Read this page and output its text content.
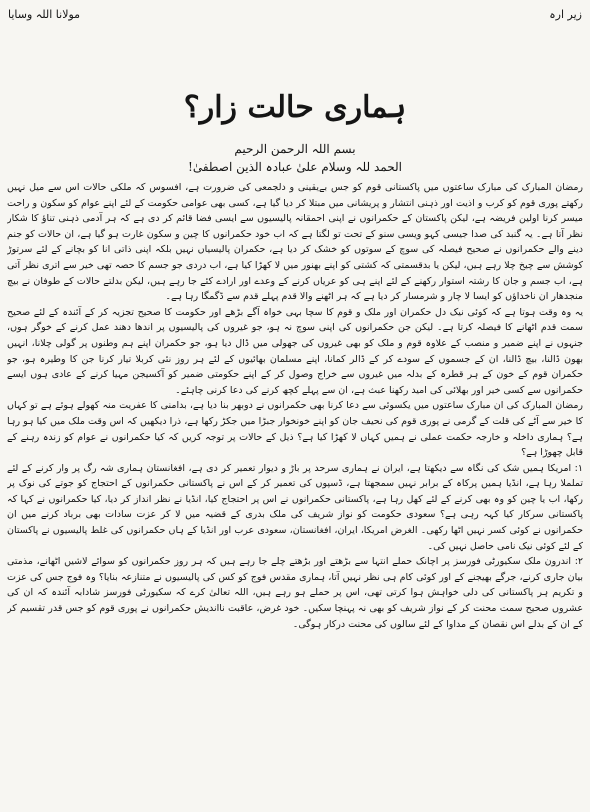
مولانا اللہ وسایا	زیر ارہ
ہماری حالت زار؟
بسم اللہ الرحمن الرحیم
الحمد للہ وسلام علیٰ عبادہ الذین اصطفیٰ!

رمضان المبارک کی مبارک ساعتوں میں پاکستانی قوم کو جس بےیقینی و دلجمعی کی ضرورت ہے، افسوس کہ ملکی حالات اس سے میل نہیں رکھتے پوری قوم کو کرب و اذیت اور ذہنی انتشار و پریشانی میں مبتلا کر دیا گیا ہے، کسی بھی عوامی حکومت کے لئے اپنے عوام کو سکون و راحت میسر کرنا اولین فریضہ ہے، لیکن پاکستان کے حکمرانوں نے اپنی احمقانہ پالیسیوں سے ایسی فضا قائم کر دی ہے کہ ہر آدمی ذہنی تناؤ کا شکار نظر آتا ہے۔ یہ گنبد کی صدا جیسی کہو ویسی سنو کے تحت تو لگتا ہے کہ اب خود حکمرانوں کا چین و سکون غارت ہو گیا ہے، ان حالات کو جنم دینے والے حکمرانوں نے صحیح فیصلہ کی سوچ کے سوتوں کو خشک کر دیا ہے، حکمران پالیسیاں نہیں بلکہ اپنی ذاتی انا کو بچانے کے لئے سرتوڑ کوشش سے چیخ چلا رہے ہیں، لیکن یا بدقسمتی کہ کشتی کو اپنے بھنور میں لا کھڑا کیا ہے، اب دردی جو جسم کا حصہ تھی خیر سے اتری نظر آتی ہے، اب جسم و جان کا رشتہ استوار رکھنے کے لئے اپنے ہی کو عریاں کرنے کے وعدے اور ارادے کئے جا رہے ہیں، لیکن بدلتے حالات کے طوفان نے بیچ منجدھار ان ناخداؤں کو ایسا لا چار و شرمسار کر دیا ہے کہ ہر اٹھنے والا قدم پہلے قدم سے ڈگمگا رہا ہے۔

یہ وہ وقت ہوتا ہے کہ کوئی نیک دل حکمران اور ملک و قوم کا سچا بہی خواہ آگے بڑھے اور حکومت کا صحیح تجزیہ کر کے آئندہ کے لئے صحیح سمت قدم اٹھانے کا فیصلہ کرتا ہے۔ لیکن جن حکمرانوں کی اپنی سوچ نہ ہو، جو غیروں کی پالیسیوں پر اندھا دھند عمل کرنے کے خوگر ہوں، جنہوں نے اپنے ضمیر و منصب کے علاوہ قوم و ملک کو بھی غیروں کی جھولی میں ڈال دیا ہو، جو حکمران اپنے ہم وطنوں پر گولی چلانا، انہیں بھون ڈالنا، بیچ ڈالنا، ان کے جسموں کے سودے کر کے ڈالر کمانا، اپنے مسلمان بھائیوں کے لئے ہر روز نئی کربلا تیار کرنا جن کا وطیرہ ہو، جو حکمران قوم کے خون کے ہر قطرہ کے بدلہ میں غیروں سے خراج وصول کر کے اپنے حکومتی ضمیر کو آکسیجن مہیا کرنے کے عادی ہوں ایسے حکمرانوں سے کسی خیر اور بھلائی کی امید رکھنا عبث ہے، ان سے پہلے کچھ کرنے کی دعا کرنی چاہئے۔

رمضان المبارک کی ان مبارک ساعتوں میں یکسوئی سے دعا کرنا بھی حکمرانوں نے دوبھر بنا دیا ہے، بدامنی کا عفریت منہ کھولے ہوئے ہے تو کہاں کا خیر سے آٹے کی قلت کے گرمی نے پوری قوم کی نحیف جان کو اپنے خونخوار جبڑا میں جکڑ رکھا ہے، ذرا دیکھیں کہ اس وقت ملک میں کیا ہو رہا ہے؟ ہماری داخلہ و خارجہ حکمت عملی نے ہمیں کہاں لا کھڑا کیا ہے؟ ذیل کے حالات پر توجہ کریں کہ کیا حکمرانوں نے عوام کو زندہ رہنے کے قابل چھوڑا ہے؟

۱: امریکا ہمیں شک کی نگاہ سے دیکھتا ہے، ایران نے ہماری سرحد پر باڑ و دیوار تعمیر کر دی ہے، افغانستان ہماری شہ رگ پر وار کرنے کے لئے تململا رہا ہے، انڈیا ہمیں پرکاہ کے برابر نہیں سمجھتا ہے، ڈسپوں کی تعمیر کر کے اس نے پاکستانی حکمرانوں کے احتجاج کو جوتے کی نوک پر رکھا، اب یا چین کو وہ بھی کرنے کے لئے کھل رہا ہے، پاکستانی حکمرانوں نے اس پر احتجاج کیا، انڈیا نے نظر انداز کر دیا، کیا حکمرانوں نے کہا کہ پاکستانی سرکار کیا کہہ رہی ہے؟ سعودی حکومت کو نواز شریف کی ملک بدری کے قضیہ میں لا کر عزت سادات بھی برباد کرنے میں ان حکمرانوں نے کوئی کسر نہیں اٹھا رکھی۔ الغرض امریکا، ایران، افغانستان، سعودی عرب اور انڈیا کے ہاں حکمرانوں کی غلط پالیسیوں نے پاکستان کے لئے کوئی نیک نامی حاصل نہیں کی۔

۲: اندرون ملک سکیورٹی فورسز پر اچانک حملے انتہا سے بڑھتے اور بڑھتے چلے جا رہے ہیں کہ ہر روز حکمرانوں کو سوائے لاشیں اٹھانے، مذمتی بیان جاری کرنے، جرگے بھیجنے کے اور کوئی کام ہی نظر نہیں آتا، ہماری مقدس فوج کو کس کی پالیسیوں نے متنازعہ بنایا؟ وہ فوج جس کی عزت و تکریم ہر پاکستانی کی دلی خواہش ہوا کرتی تھی، اس پر حملے ہو رہے ہیں، اللہ تعالیٰ کرے کہ سکیورٹی فورسز شادابہ آئندہ کہ ان کی عشروں صحیح سمت محنت کر کے نواز شریف کو بھی نہ پہنچا سکیں۔ خود غرض، عاقبت نااندیش حکمرانوں نے پوری قوم کو جس قدر تقسیم کر کے ان کے بدلے اس نقصان کے مداوا کے لئے سالوں کی محنت درکار ہوگی۔
